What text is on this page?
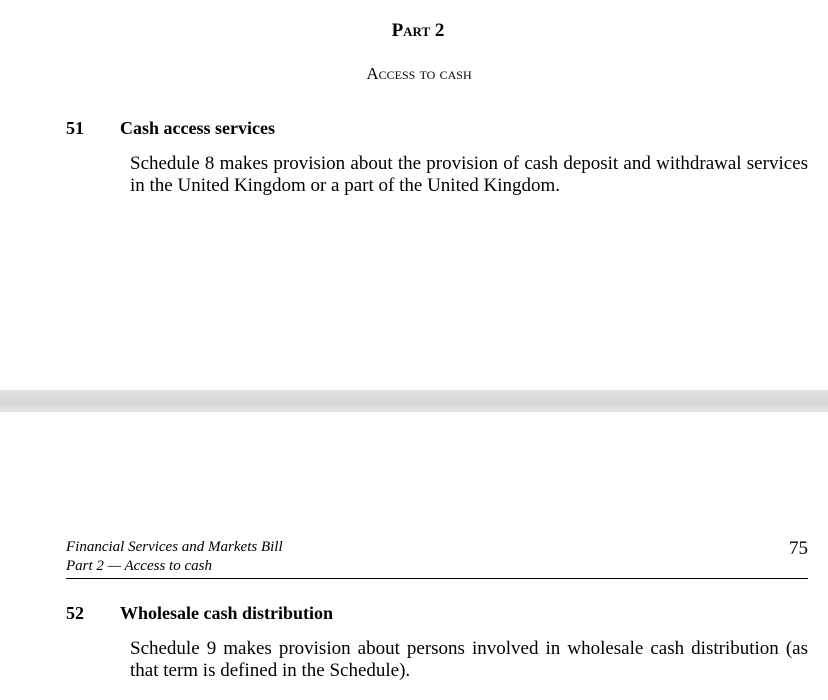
Part 2
Access to cash
51 Cash access services

Schedule 8 makes provision about the provision of cash deposit and withdrawal services in the United Kingdom or a part of the United Kingdom.

Financial Services and Markets Bill
Part 2 — Access to cash
75
52 Wholesale cash distribution

Schedule 9 makes provision about persons involved in wholesale cash distribution (as that term is defined in the Schedule).
